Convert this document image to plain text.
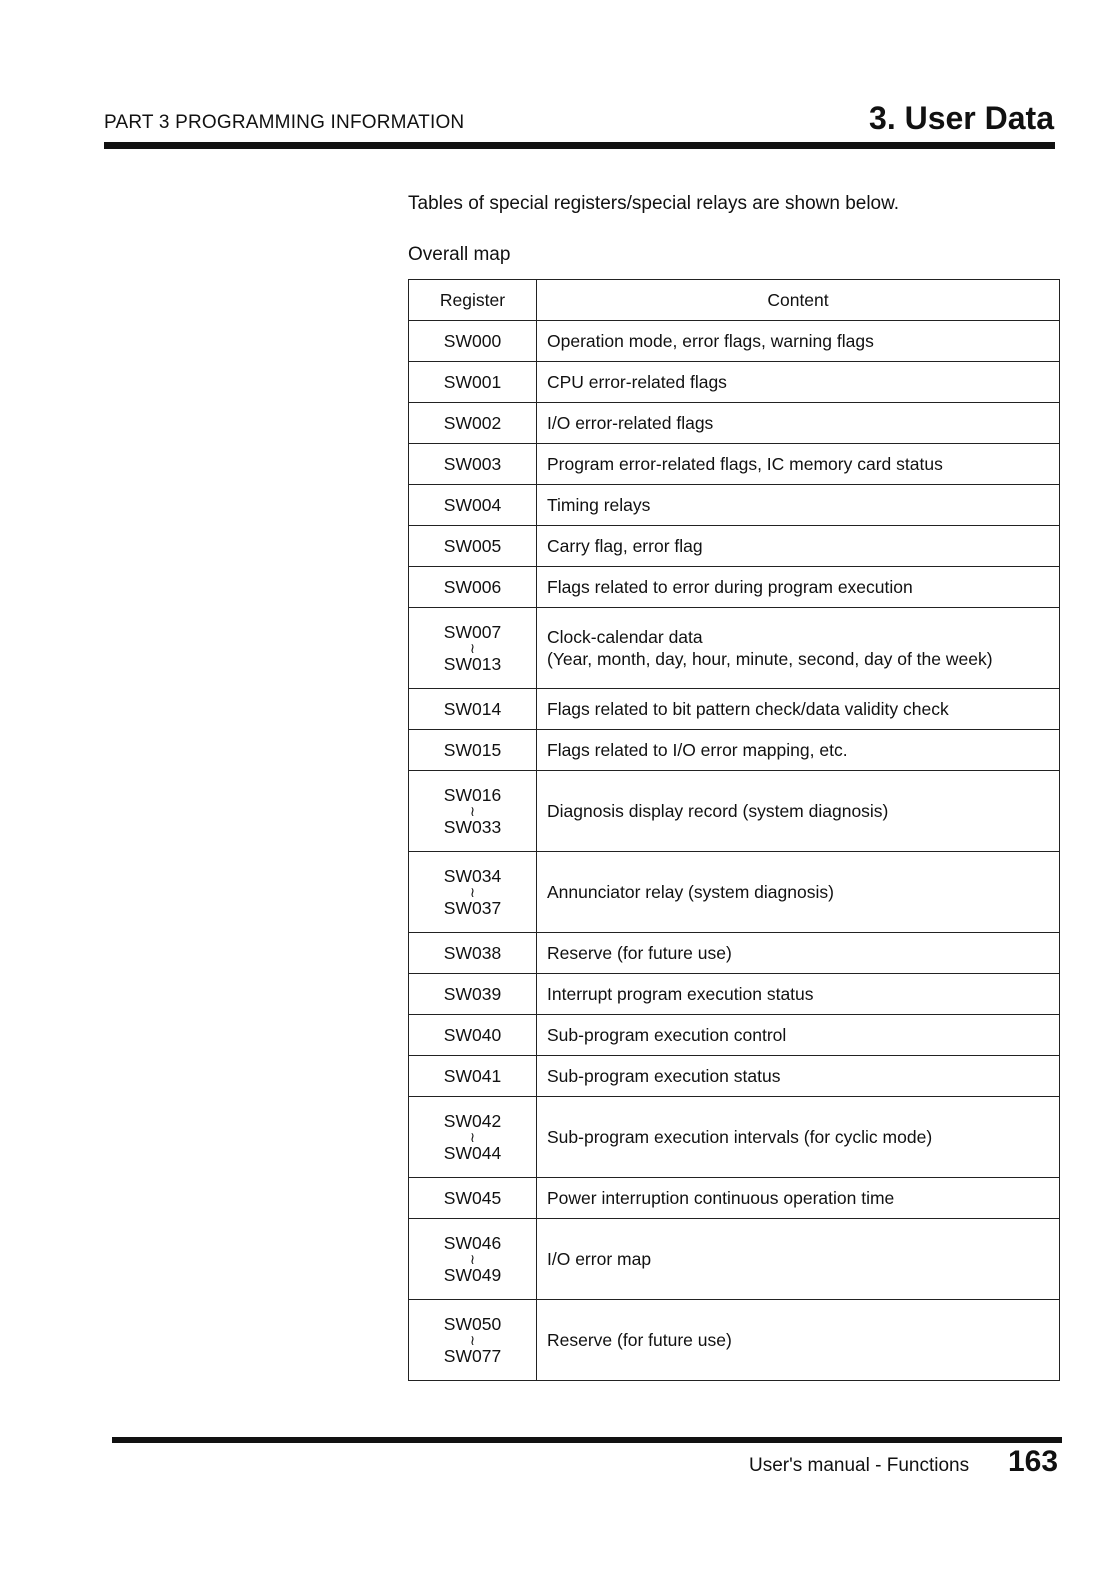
PART 3 PROGRAMMING INFORMATION	3. User Data
Tables of special registers/special relays are shown below.
Overall map
Register	Content
SW000	Operation mode, error flags, warning flags
SW001	CPU error-related flags
SW002	I/O error-related flags
SW003	Program error-related flags, IC memory card status
SW004	Timing relays
SW005	Carry flag, error flag
SW006	Flags related to error during program execution

SW007
≀
SW013	Clock-calendar data
(Year, month, day, hour, minute, second, day of the week)

SW014	Flags related to bit pattern check/data validity check
SW015	Flags related to I/O error mapping, etc.

SW016
≀
SW033	Diagnosis display record (system diagnosis)

SW034
≀
SW037	Annunciator relay (system diagnosis)
SW038	Reserve (for future use)
SW039	Interrupt program execution status
SW040	Sub-program execution control
SW041	Sub-program execution status

SW042
≀
SW044	Sub-program execution intervals (for cyclic mode)
SW045	Power interruption continuous operation time

SW046
≀
SW049	I/O error map

SW050
≀
SW077	Reserve (for future use)
User's manual - Functions 163
